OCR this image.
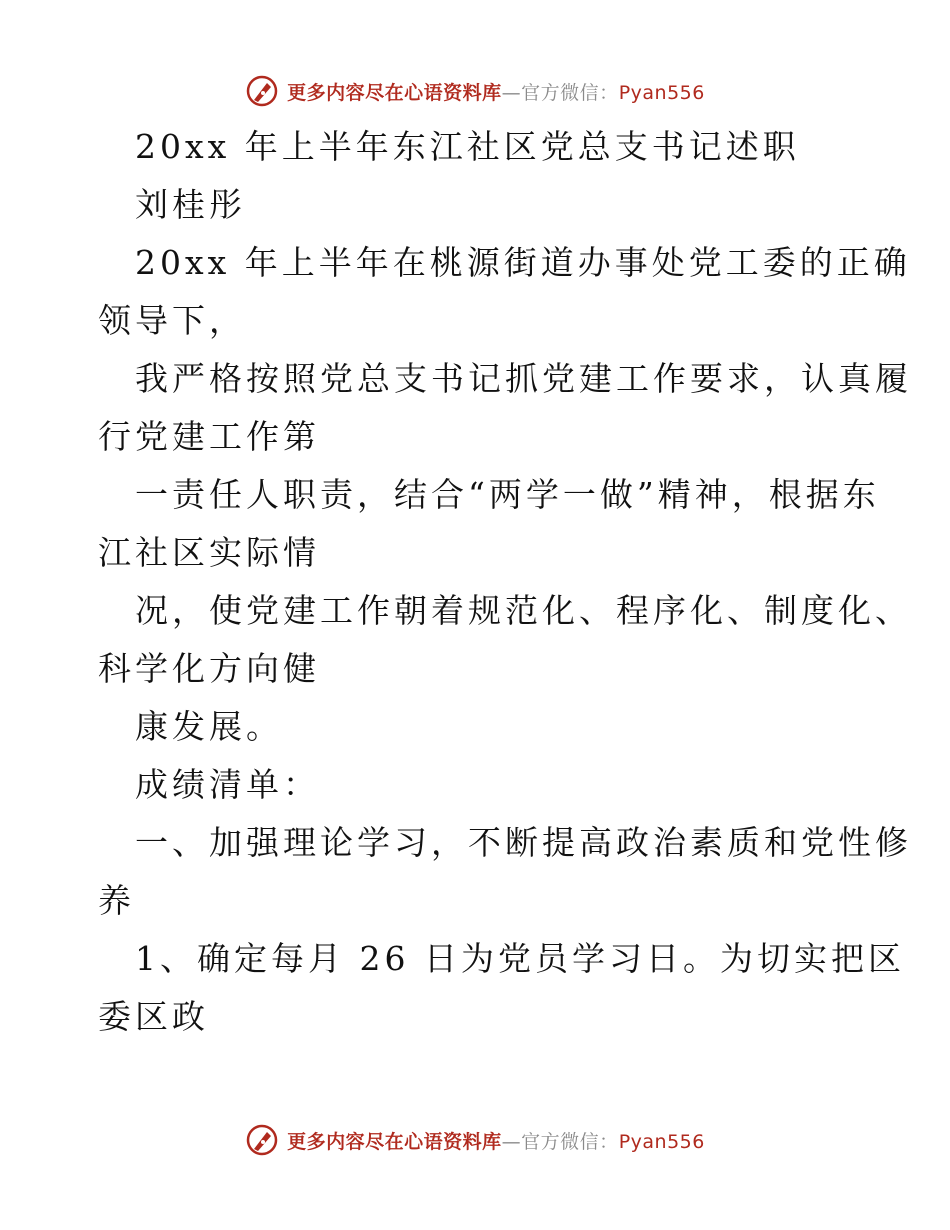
更多内容尽在心语资料库—官方微信：Pyan556
20xx 年上半年东江社区党总支书记述职
刘桂彤
20xx 年上半年在桃源街道办事处党工委的正确
领导下，
我严格按照党总支书记抓党建工作要求，认真履
行党建工作第
一责任人职责，结合“两学一做”精神，根据东
江社区实际情
况，使党建工作朝着规范化、程序化、制度化、
科学化方向健
康发展。
成绩清单：
一、加强理论学习，不断提高政治素质和党性修
养
1、确定每月 26 日为党员学习日。为切实把区
委区政
更多内容尽在心语资料库—官方微信：Pyan556
